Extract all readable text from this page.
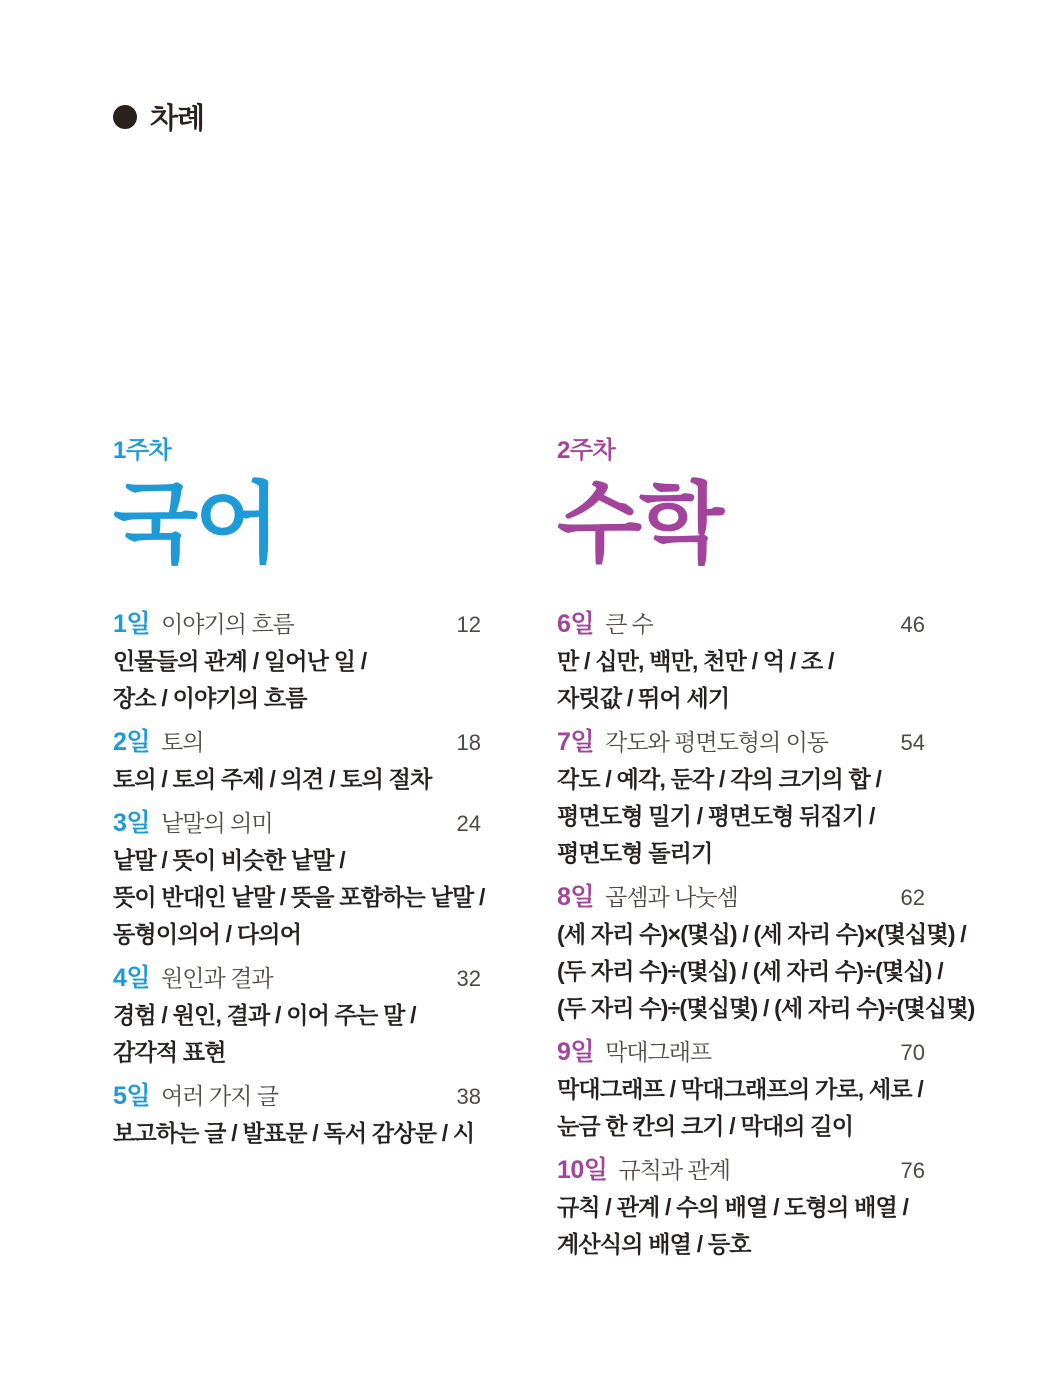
차례
1주차
국어
1일 이야기의 흐름	12
인물들의 관계 / 일어난 일 /
장소 / 이야기의 흐름
2일 토의	18
토의 / 토의 주제 / 의견 / 토의 절차
3일 낱말의 의미	24
낱말 / 뜻이 비슷한 낱말 /
뜻이 반대인 낱말 / 뜻을 포함하는 낱말 /
동형이의어 / 다의어
4일 원인과 결과	32
경험 / 원인, 결과 / 이어 주는 말 /
감각적 표현
5일 여러 가지 글	38
보고하는 글 / 발표문 / 독서 감상문 / 시
2주차
수학
6일 큰 수	46
만 / 십만, 백만, 천만 / 억 / 조 /
자릿값 / 뛰어 세기
7일 각도와 평면도형의 이동	54
각도 / 예각, 둔각 / 각의 크기의 합 /
평면도형 밀기 / 평면도형 뒤집기 /
평면도형 돌리기
8일 곱셈과 나눗셈	62
(세 자리 수)×(몇십) / (세 자리 수)×(몇십몇) /
(두 자리 수)÷(몇십) / (세 자리 수)÷(몇십) /
(두 자리 수)÷(몇십몇) / (세 자리 수)÷(몇십몇)
9일 막대그래프	70
막대그래프 / 막대그래프의 가로, 세로 /
눈금 한 칸의 크기 / 막대의 길이
10일 규칙과 관계	76
규칙 / 관계 / 수의 배열 / 도형의 배열 /
계산식의 배열 / 등호
